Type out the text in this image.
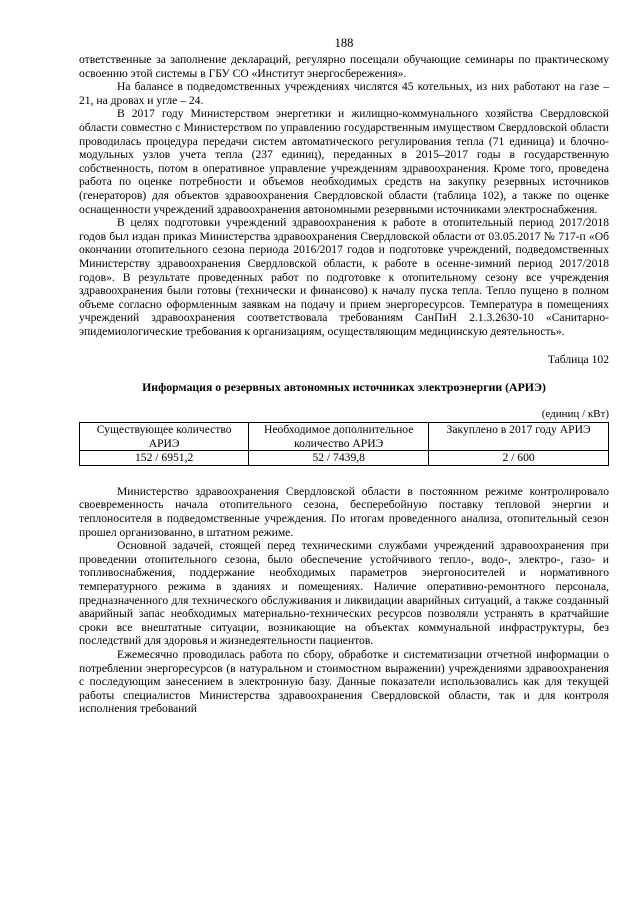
188

ответственные за заполнение деклараций, регулярно посещали обучающие семинары по практическому освоению этой системы в ГБУ СО «Институт энергосбережения».

На балансе в подведомственных учреждениях числятся 45 котельных, из них работают на газе – 21, на дровах и угле – 24.

В 2017 году Министерством энергетики и жилищно-коммунального хозяйства Свердловской области совместно с Министерством по управлению государственным имуществом Свердловской области проводилась процедура передачи систем автоматического регулирования тепла (71 единица) и блочно-модульных узлов учета тепла (237 единиц), переданных в 2015–2017 годы в государственную собственность, потом в оперативное управление учреждениям здравоохранения. Кроме того, проведена работа по оценке потребности и объемов необходимых средств на закупку резервных источников (генераторов) для объектов здравоохранения Свердловской области (таблица 102), а также по оценке оснащенности учреждений здравоохранения автономными резервными источниками электроснабжения.

В целях подготовки учреждений здравоохранения к работе в отопительный период 2017/2018 годов был издан приказ Министерства здравоохранения Свердловской области от 03.05.2017 № 717-п «Об окончании отопительного сезона периода 2016/2017 годов и подготовке учреждений, подведомственных Министерству здравоохранения Свердловской области, к работе в осенне-зимний период 2017/2018 годов». В результате проведенных работ по подготовке к отопительному сезону все учреждения здравоохранения были готовы (технически и финансово) к началу пуска тепла. Тепло пущено в полном объеме согласно оформленным заявкам на подачу и прием энергоресурсов. Температура в помещениях учреждений здравоохранения соответствовала требованиям СанПиН 2.1.3.2630-10 «Санитарно-эпидемиологические требования к организациям, осуществляющим медицинскую деятельность».

Таблица 102
Информация о резервных автономных источниках электроэнергии (АРИЭ)
(единиц / кВт)
Существующее количество АРИЭ	Необходимое дополнительное количество АРИЭ	Закуплено в 2017 году АРИЭ
152 / 6951,2	52 / 7439,8	2 / 600

Министерство здравоохранения Свердловской области в постоянном режиме контролировало своевременность начала отопительного сезона, бесперебойную поставку тепловой энергии и теплоносителя в подведомственные учреждения. По итогам проведенного анализа, отопительный сезон прошел организованно, в штатном режиме.

Основной задачей, стоящей перед техническими службами учреждений здравоохранения при проведении отопительного сезона, было обеспечение устойчивого тепло-, водо-, электро-, газо- и топливоснабжения, поддержание необходимых параметров энергоносителей и нормативного температурного режима в зданиях и помещениях. Наличие оперативно-ремонтного персонала, предназначенного для технического обслуживания и ликвидации аварийных ситуаций, а также созданный аварийный запас необходимых материально-технических ресурсов позволяли устранять в кратчайшие сроки все внештатные ситуации, возникающие на объектах коммунальной инфраструктуры, без последствий для здоровья и жизнедеятельности пациентов.

Ежемесячно проводилась работа по сбору, обработке и систематизации отчетной информации о потреблении энергоресурсов (в натуральном и стоимостном выражении) учреждениями здравоохранения с последующим занесением в электронную базу. Данные показатели использовались как для текущей работы специалистов Министерства здравоохранения Свердловской области, так и для контроля исполнения требований
